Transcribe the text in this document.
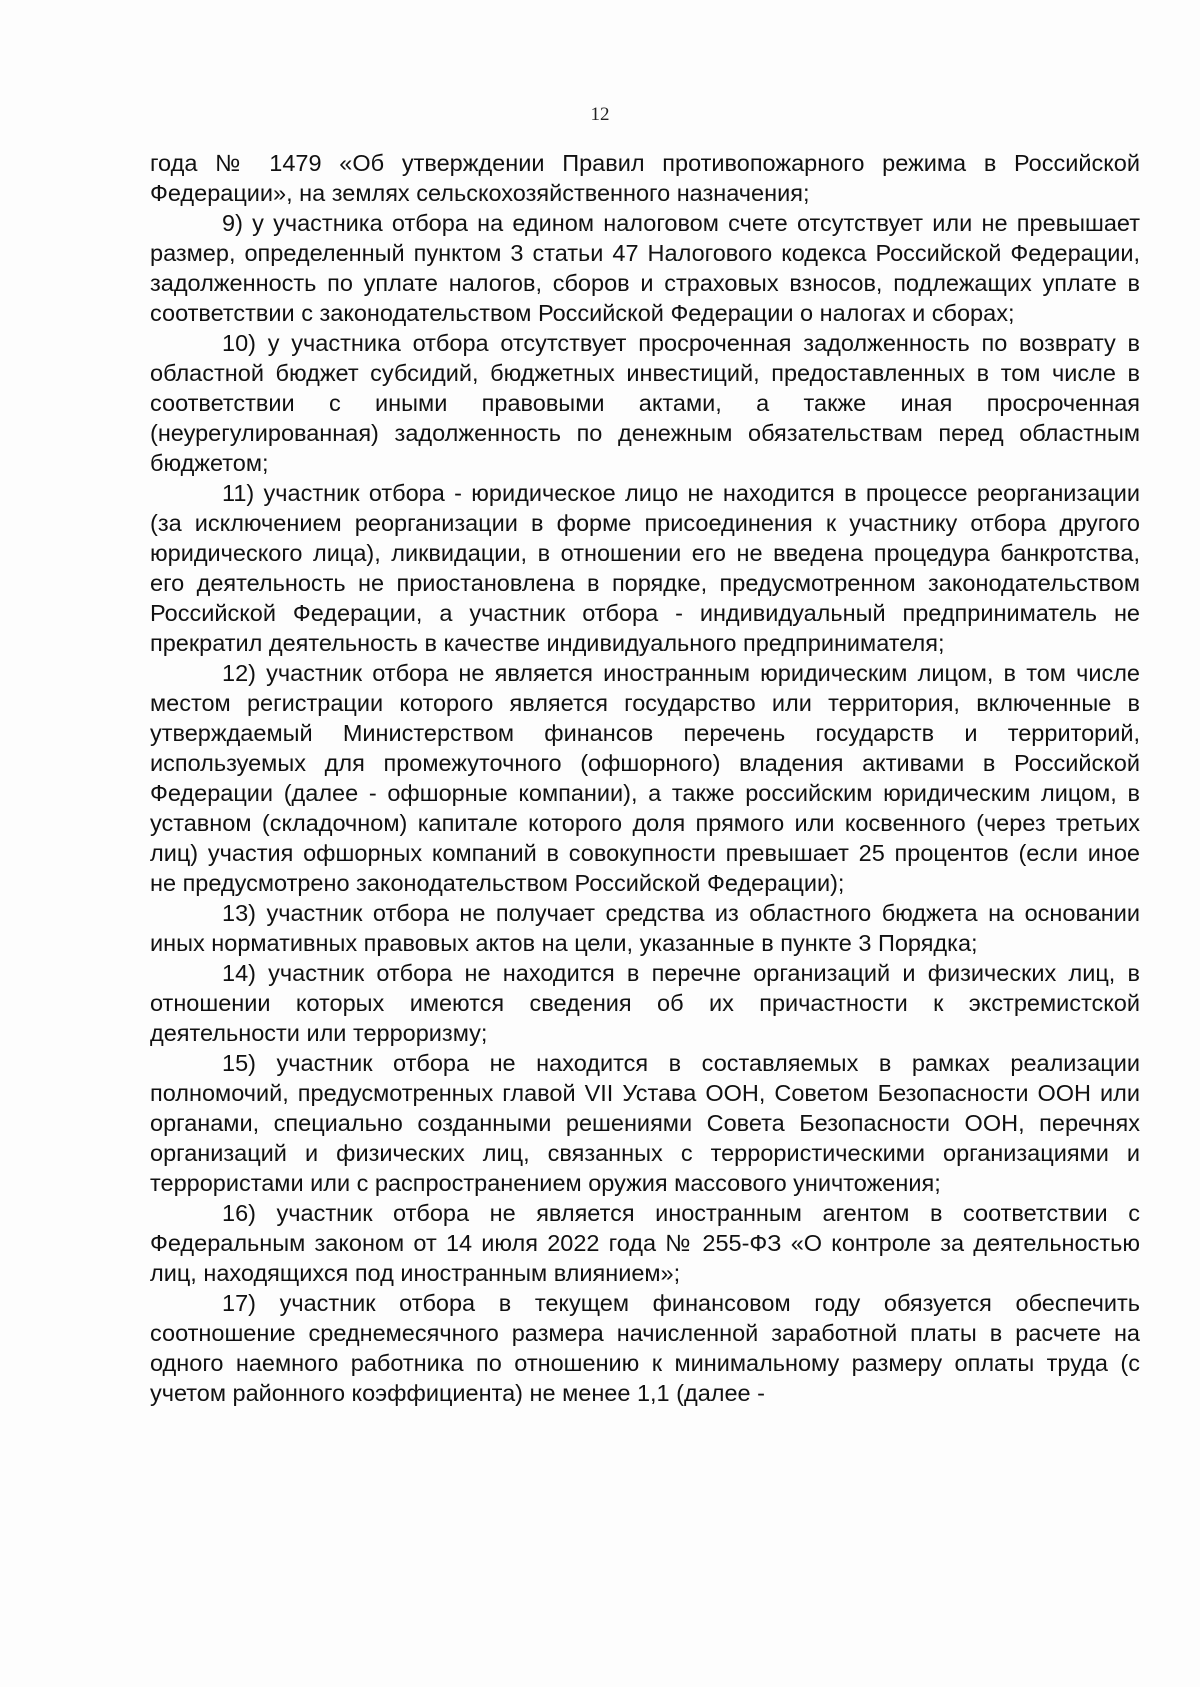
12

года № 1479 «Об утверждении Правил противопожарного режима в Российской Федерации», на землях сельскохозяйственного назначения;

9) у участника отбора на едином налоговом счете отсутствует или не превышает размер, определенный пунктом 3 статьи 47 Налогового кодекса Российской Федерации, задолженность по уплате налогов, сборов и страховых взносов, подлежащих уплате в соответствии с законодательством Российской Федерации о налогах и сборах;

10) у участника отбора отсутствует просроченная задолженность по возврату в областной бюджет субсидий, бюджетных инвестиций, предоставленных в том числе в соответствии с иными правовыми актами, а также иная просроченная (неурегулированная) задолженность по денежным обязательствам перед областным бюджетом;

11) участник отбора - юридическое лицо не находится в процессе реорганизации (за исключением реорганизации в форме присоединения к участнику отбора другого юридического лица), ликвидации, в отношении его не введена процедура банкротства, его деятельность не приостановлена в порядке, предусмотренном законодательством Российской Федерации, а участник отбора - индивидуальный предприниматель не прекратил деятельность в качестве индивидуального предпринимателя;

12) участник отбора не является иностранным юридическим лицом, в том числе местом регистрации которого является государство или территория, включенные в утверждаемый Министерством финансов перечень государств и территорий, используемых для промежуточного (офшорного) владения активами в Российской Федерации (далее - офшорные компании), а также российским юридическим лицом, в уставном (складочном) капитале которого доля прямого или косвенного (через третьих лиц) участия офшорных компаний в совокупности превышает 25 процентов (если иное не предусмотрено законодательством Российской Федерации);

13) участник отбора не получает средства из областного бюджета на основании иных нормативных правовых актов на цели, указанные в пункте 3 Порядка;

14) участник отбора не находится в перечне организаций и физических лиц, в отношении которых имеются сведения об их причастности к экстремистской деятельности или терроризму;

15) участник отбора не находится в составляемых в рамках реализации полномочий, предусмотренных главой VII Устава ООН, Советом Безопасности ООН или органами, специально созданными решениями Совета Безопасности ООН, перечнях организаций и физических лиц, связанных с террористическими организациями и террористами или с распространением оружия массового уничтожения;

16) участник отбора не является иностранным агентом в соответствии с Федеральным законом от 14 июля 2022 года № 255-ФЗ «О контроле за деятельностью лиц, находящихся под иностранным влиянием»;

17) участник отбора в текущем финансовом году обязуется обеспечить соотношение среднемесячного размера начисленной заработной платы в расчете на одного наемного работника по отношению к минимальному размеру оплаты труда (с учетом районного коэффициента) не менее 1,1 (далее -
